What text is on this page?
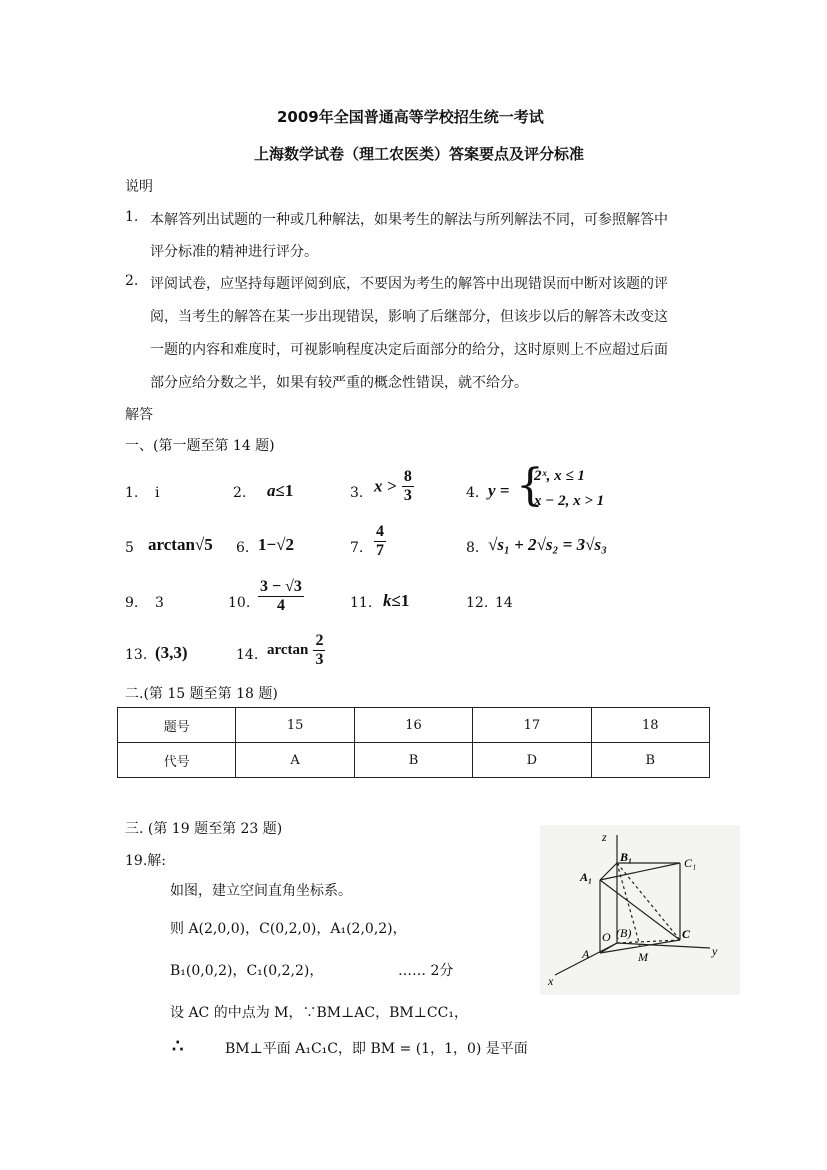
2009年全国普通高等学校招生统一考试
上海数学试卷（理工农医类）答案要点及评分标准
说明
1. 本解答列出试题的一种或几种解法，如果考生的解法与所列解法不同，可参照解答中
评分标准的精神进行评分。
2. 评阅试卷，应坚持每题评阅到底，不要因为考生的解答中出现错误而中断对该题的评
阅，当考生的解答在某一步出现错误，影响了后继部分，但该步以后的解答未改变这
一题的内容和难度时，可视影响程度决定后面部分的给分，这时原则上不应超过后面
部分应给分数之半，如果有较严重的概念性错误，就不给分。
解答
一、(第一题至第 14 题)
1. i	2. a≤1	3. $x > \frac{8}{3}$	4. y = {
2ˣ, x ≤ 1
x − 2, x > 1
5 arctan√5 6. 1−√2	7. $\frac{4}{7}$	8. √s₁ + 2√s₂ = 3√s₃
9. 3	10. $\frac{3 - √3}{4}$	11. k≤1	12. 14
13. (3,3)	14. $\arctan \frac{2}{3}$
二.(第 15 题至第 18 题)
题号	15	16	17	18
代号	A	B	D	B
三. (第 19 题至第 23 题)
19.解:
如图，建立空间直角坐标系。
则 A(2,0,0)，C(0,2,0)，A₁(2,0,2)，
B₁(0,0,2)，C₁(0,2,2)，	…… 2分
设 AC 的中点为 M，∵BM⊥AC，BM⊥CC₁，
∴	BM⊥平面 A₁C₁C，即 BM = (1，1，0) 是平面
z
y
x
B₁	C₁
A₁
O (B)	C
A	M
